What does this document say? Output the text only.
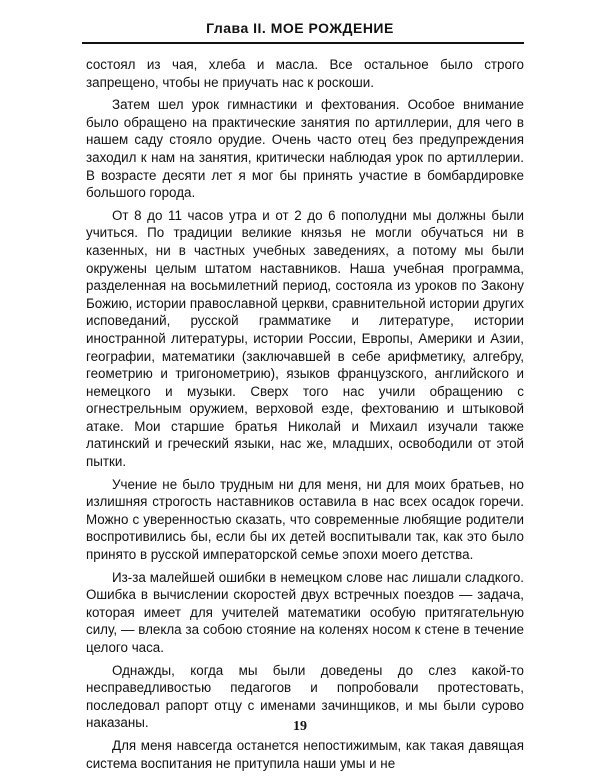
Глава II. МОЕ РОЖДЕНИЕ

состоял из чая, хлеба и масла. Все остальное было строго запрещено, чтобы не приучать нас к роскоши.

Затем шел урок гимнастики и фехтования. Особое внимание было обращено на практические занятия по артиллерии, для чего в нашем саду стояло орудие. Очень часто отец без предупреждения заходил к нам на занятия, критически наблюдая урок по артиллерии. В возрасте десяти лет я мог бы принять участие в бомбардировке большого города.

От 8 до 11 часов утра и от 2 до 6 пополудни мы должны были учиться. По традиции великие князья не могли обучаться ни в казенных, ни в частных учебных заведениях, а потому мы были окружены целым штатом наставников. Наша учебная программа, разделенная на восьмилетний период, состояла из уроков по Закону Божию, истории православной церкви, сравнительной истории других исповеданий, русской грамматике и литературе, истории иностранной литературы, истории России, Европы, Америки и Азии, географии, математики (заключавшей в себе арифметику, алгебру, геометрию и тригонометрию), языков французского, английского и немецкого и музыки. Сверх того нас учили обращению с огнестрельным оружием, верховой езде, фехтованию и штыковой атаке. Мои старшие братья Николай и Михаил изучали также латинский и греческий языки, нас же, младших, освободили от этой пытки.

Учение не было трудным ни для меня, ни для моих братьев, но излишняя строгость наставников оставила в нас всех осадок горечи. Можно с уверенностью сказать, что современные любящие родители воспротивились бы, если бы их детей воспитывали так, как это было принято в русской императорской семье эпохи моего детства.

Из-за малейшей ошибки в немецком слове нас лишали сладкого. Ошибка в вычислении скоростей двух встречных поездов — задача, которая имеет для учителей математики особую притягательную силу, — влекла за собою стояние на коленях носом к стене в течение целого часа.

Однажды, когда мы были доведены до слез какой-то несправедливостью педагогов и попробовали протестовать, последовал рапорт отцу с именами зачинщиков, и мы были сурово наказаны.

Для меня навсегда останется непостижимым, как такая давящая система воспитания не притупила наши умы и не

19
